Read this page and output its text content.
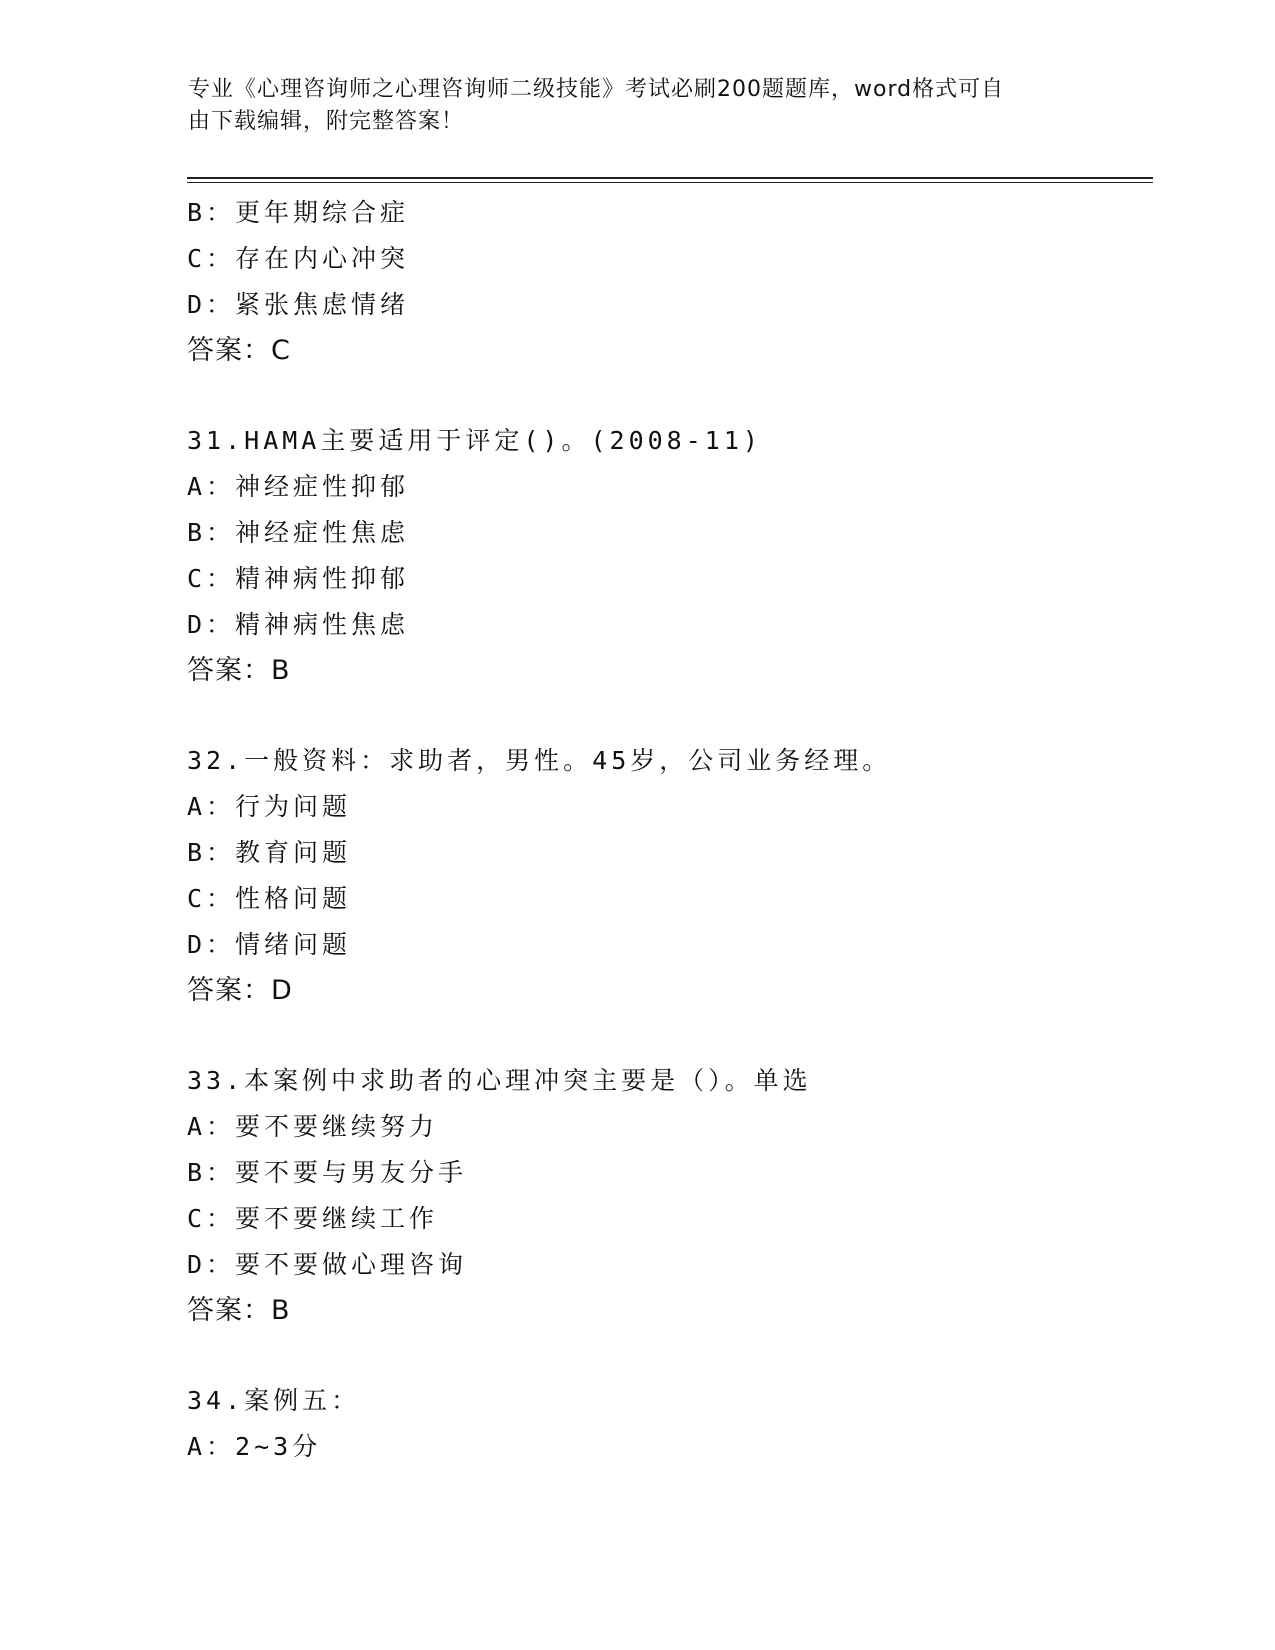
专业《心理咨询师之心理咨询师二级技能》考试必刷200题题库，word格式可自
由下载编辑，附完整答案！
B：更年期综合症
C：存在内心冲突
D：紧张焦虑情绪
答案：C
31.HAMA主要适用于评定()。(2008-11)
A：神经症性抑郁
B：神经症性焦虑
C：精神病性抑郁
D：精神病性焦虑
答案：B
32.一般资料：求助者，男性。45岁，公司业务经理。
A：行为问题
B：教育问题
C：性格问题
D：情绪问题
答案：D
33.本案例中求助者的心理冲突主要是（）。单选
A：要不要继续努力
B：要不要与男友分手
C：要不要继续工作
D：要不要做心理咨询
答案：B
34.案例五：
A：2~3分
